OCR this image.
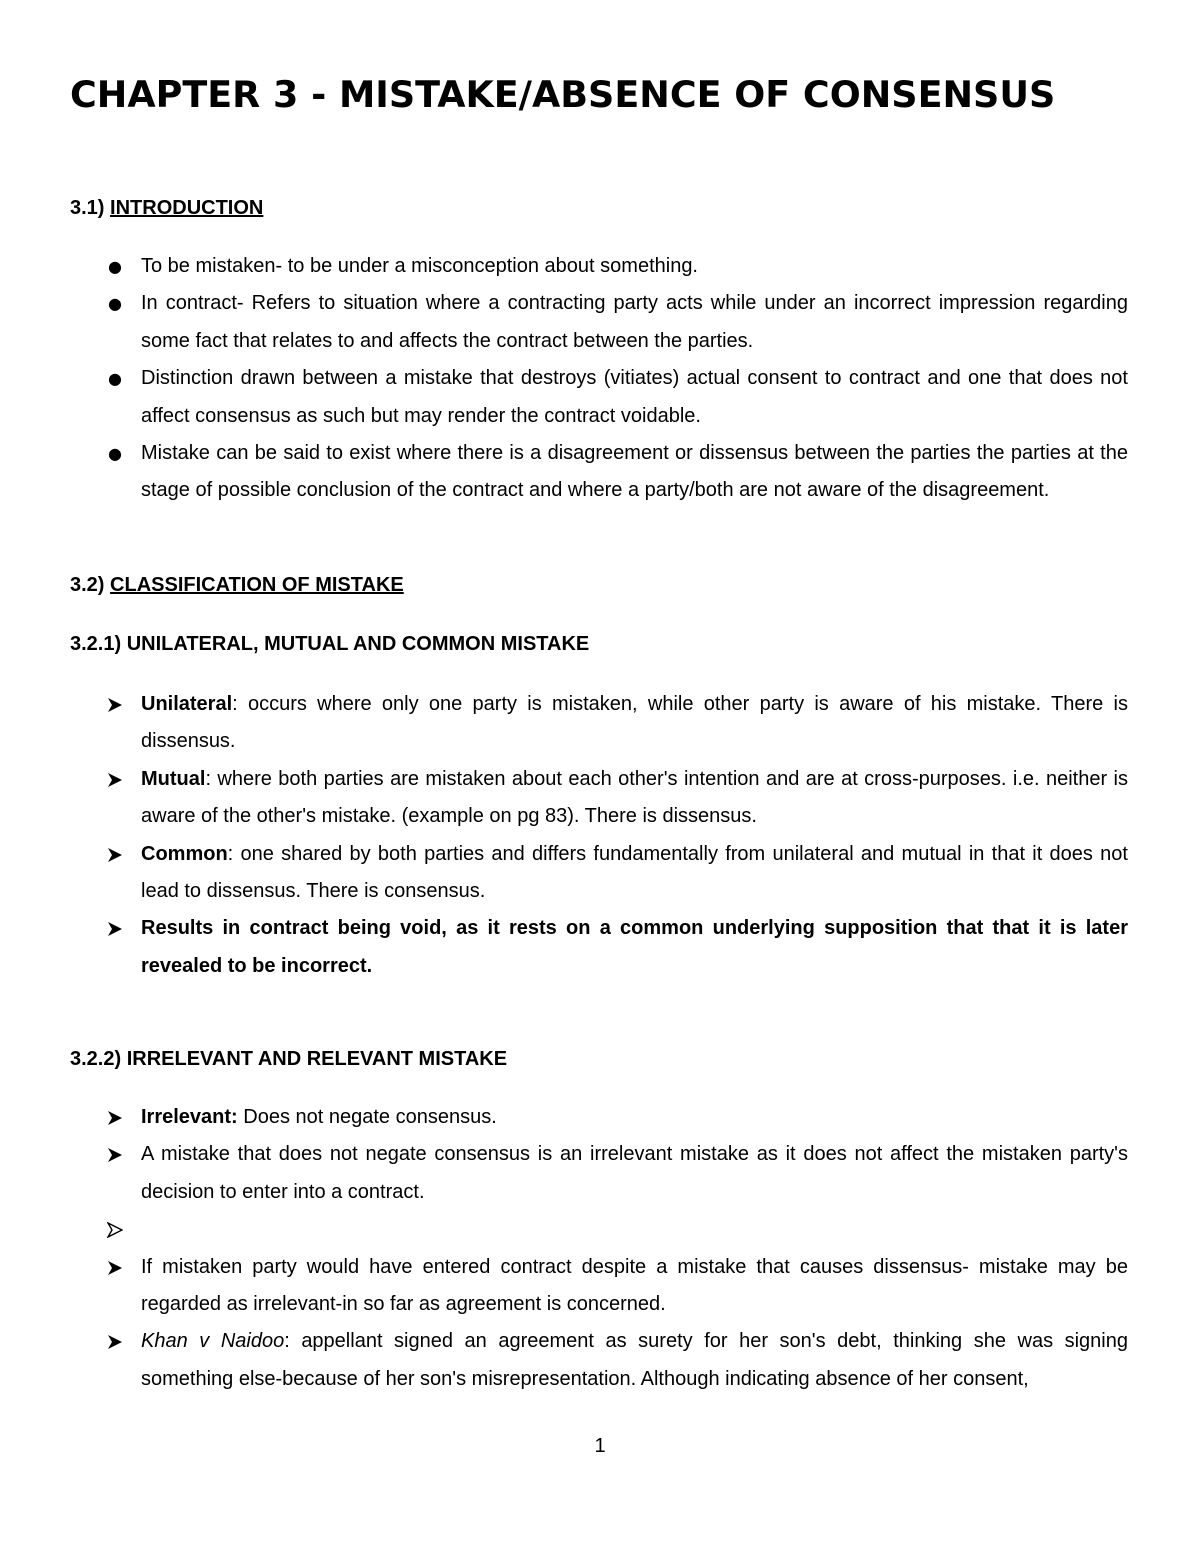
CHAPTER 3 - MISTAKE/ABSENCE OF CONSENSUS
3.1) INTRODUCTION
● To be mistaken- to be under a misconception about something.
● In contract- Refers to situation where a contracting party acts while under an incorrect impression regarding some fact that relates to and affects the contract between the parties.
● Distinction drawn between a mistake that destroys (vitiates) actual consent to contract and one that does not affect consensus as such but may render the contract voidable.
● Mistake can be said to exist where there is a disagreement or dissensus between the parties the parties at the stage of possible conclusion of the contract and where a party/both are not aware of the disagreement.
3.2) CLASSIFICATION OF MISTAKE
3.2.1) UNILATERAL, MUTUAL AND COMMON MISTAKE
Unilateral: occurs where only one party is mistaken, while other party is aware of his mistake. There is dissensus.
Mutual: where both parties are mistaken about each other's intention and are at cross-purposes. i.e. neither is aware of the other's mistake. (example on pg 83). There is dissensus.
Common: one shared by both parties and differs fundamentally from unilateral and mutual in that it does not lead to dissensus. There is consensus.
Results in contract being void, as it rests on a common underlying supposition that that it is later revealed to be incorrect.
3.2.2) IRRELEVANT AND RELEVANT MISTAKE
Irrelevant: Does not negate consensus.
A mistake that does not negate consensus is an irrelevant mistake as it does not affect the mistaken party's decision to enter into a contract.

If mistaken party would have entered contract despite a mistake that causes dissensus- mistake may be regarded as irrelevant-in so far as agreement is concerned.
Khan v Naidoo: appellant signed an agreement as surety for her son's debt, thinking she was signing something else-because of her son's misrepresentation. Although indicating absence of her consent,
1
